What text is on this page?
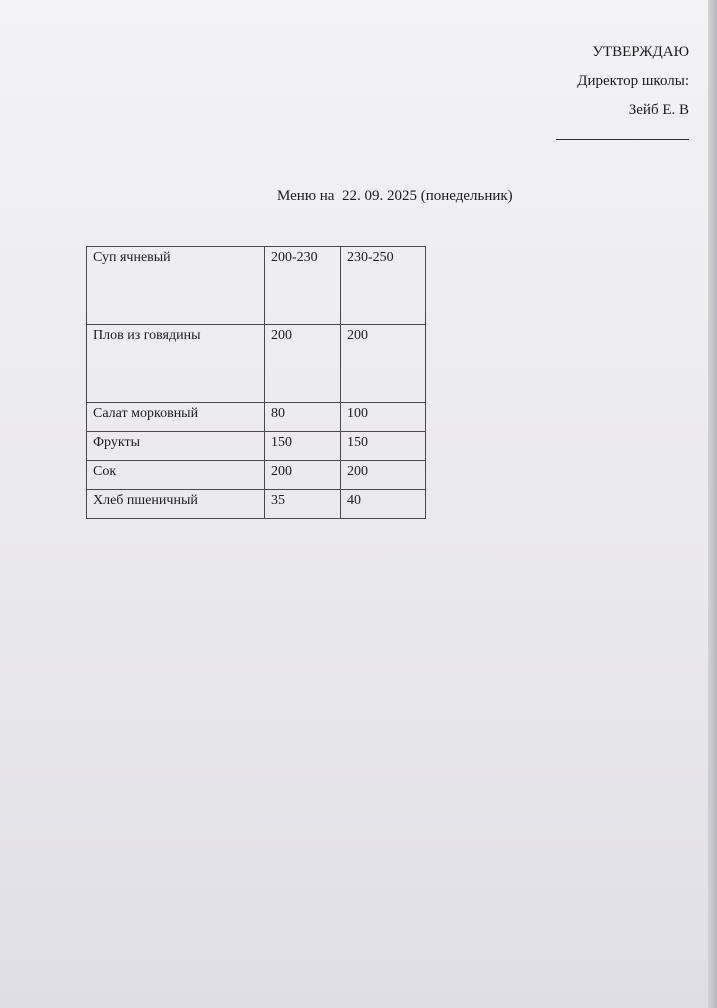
УТВЕРЖДАЮ
Директор школы:
Зейб Е. В
Меню на  22. 09. 2025 (понедельник)
Суп ячневый	200-230	230-250
Плов из говядины	200	200
Салат морковный	80	100
Фрукты	150	150
Сок	200	200
Хлеб пшеничный	35	40
